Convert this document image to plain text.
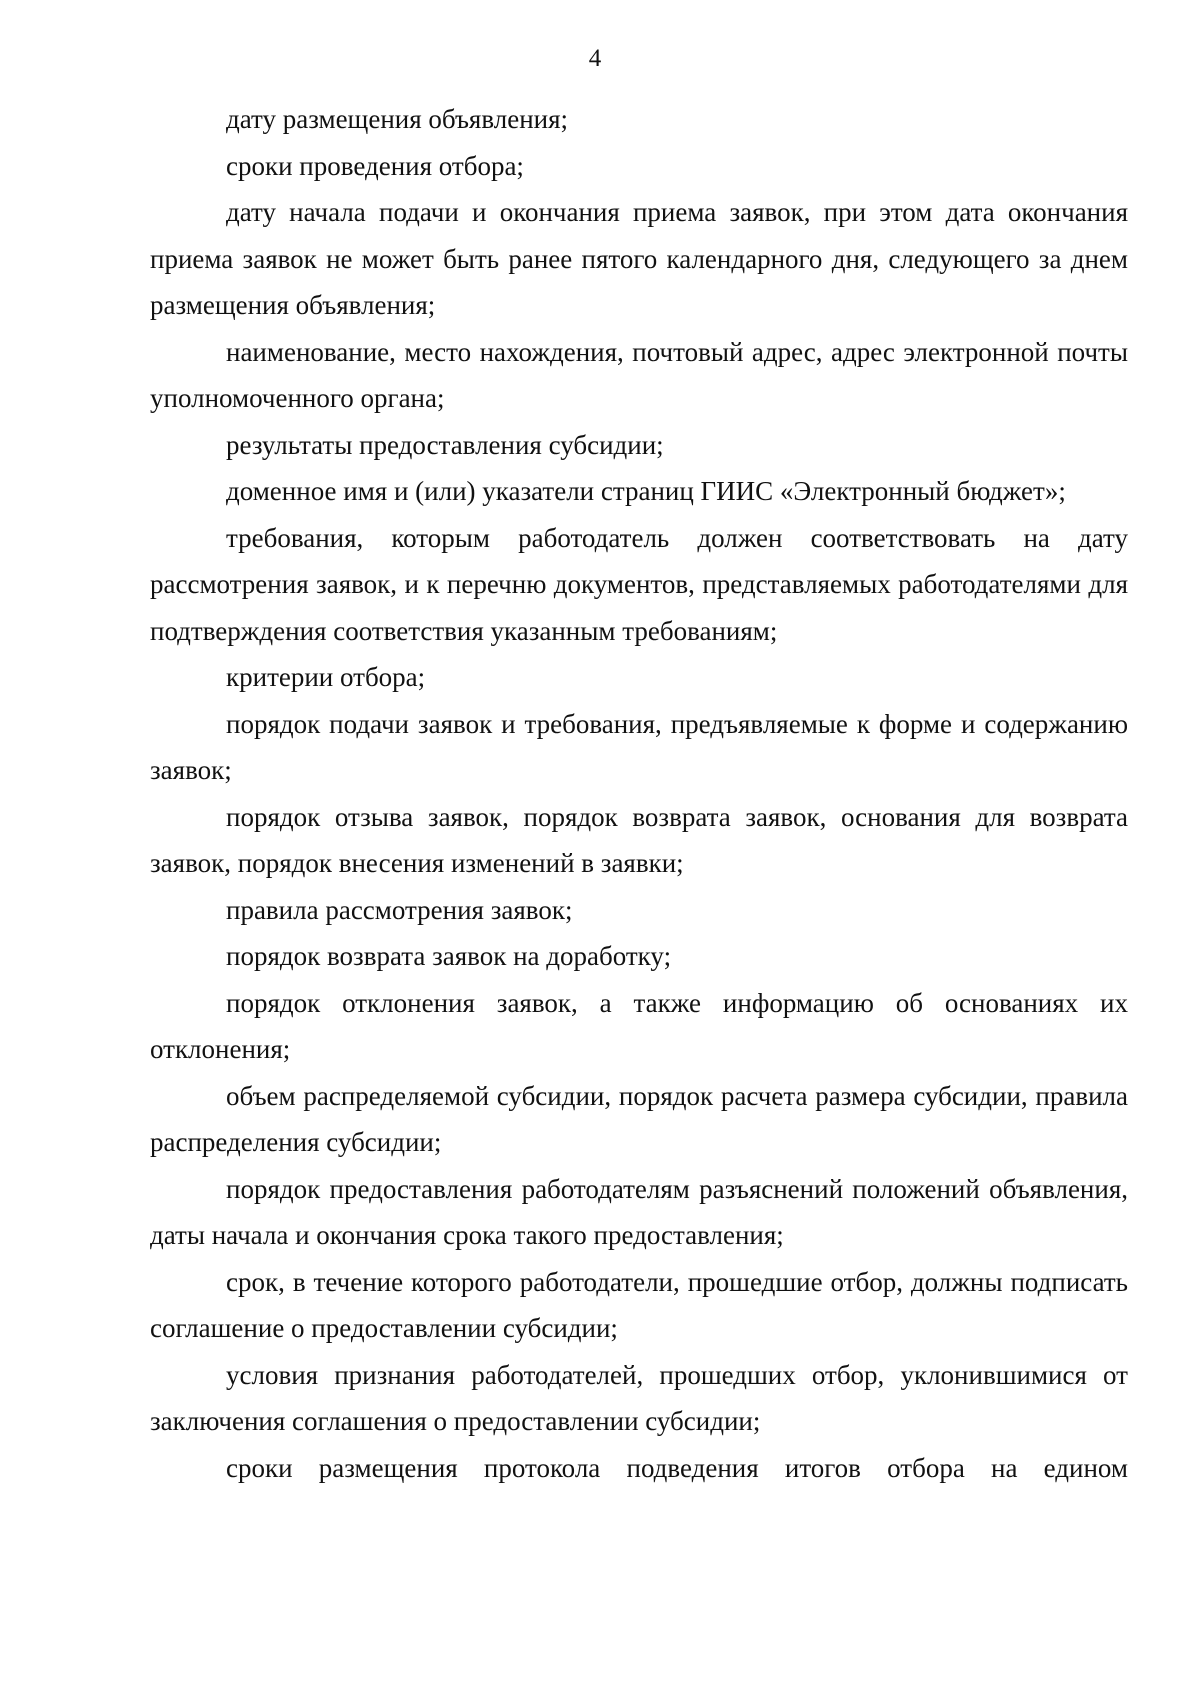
4

дату размещения объявления;

сроки проведения отбора;

дату начала подачи и окончания приема заявок, при этом дата окончания приема заявок не может быть ранее пятого календарного дня, следующего за днем размещения объявления;

наименование, место нахождения, почтовый адрес, адрес электронной почты уполномоченного органа;

результаты предоставления субсидии;

доменное имя и (или) указатели страниц ГИИС «Электронный бюджет»;

требования, которым работодатель должен соответствовать на дату рассмотрения заявок, и к перечню документов, представляемых работодателями для подтверждения соответствия указанным требованиям;

критерии отбора;

порядок подачи заявок и требования, предъявляемые к форме и содержанию заявок;

порядок отзыва заявок, порядок возврата заявок, основания для возврата заявок, порядок внесения изменений в заявки;

правила рассмотрения заявок;

порядок возврата заявок на доработку;

порядок отклонения заявок, а также информацию об основаниях их отклонения;

объем распределяемой субсидии, порядок расчета размера субсидии, правила распределения субсидии;

порядок предоставления работодателям разъяснений положений объявления, даты начала и окончания срока такого предоставления;

срок, в течение которого работодатели, прошедшие отбор, должны подписать соглашение о предоставлении субсидии;

условия признания работодателей, прошедших отбор, уклонившимися от заключения соглашения о предоставлении субсидии;

сроки размещения протокола подведения итогов отбора на едином
